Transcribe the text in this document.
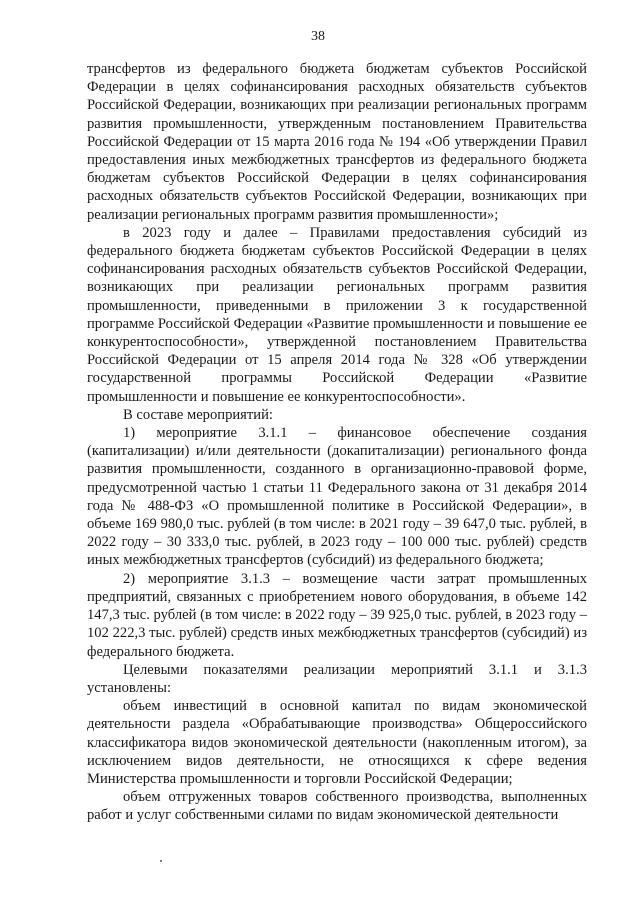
38

трансфертов из федерального бюджета бюджетам субъектов Российской Федерации в целях софинансирования расходных обязательств субъектов Российской Федерации, возникающих при реализации региональных программ развития промышленности, утвержденным постановлением Правительства Российской Федерации от 15 марта 2016 года № 194 «Об утверждении Правил предоставления иных межбюджетных трансфертов из федерального бюджета бюджетам субъектов Российской Федерации в целях софинансирования расходных обязательств субъектов Российской Федерации, возникающих при реализации региональных программ развития промышленности»;

в 2023 году и далее – Правилами предоставления субсидий из федерального бюджета бюджетам субъектов Российской Федерации в целях софинансирования расходных обязательств субъектов Российской Федерации, возникающих при реализации региональных программ развития промышленности, приведенными в приложении 3 к государственной программе Российской Федерации «Развитие промышленности и повышение ее конкурентоспособности», утвержденной постановлением Правительства Российской Федерации от 15 апреля 2014 года № 328 «Об утверждении государственной программы Российской Федерации «Развитие промышленности и повышение ее конкурентоспособности».

В составе мероприятий:

1) мероприятие 3.1.1 – финансовое обеспечение создания (капитализации) и/или деятельности (докапитализации) регионального фонда развития промышленности, созданного в организационно-правовой форме, предусмотренной частью 1 статьи 11 Федерального закона от 31 декабря 2014 года № 488-ФЗ «О промышленной политике в Российской Федерации», в объеме 169 980,0 тыс. рублей (в том числе: в 2021 году – 39 647,0 тыс. рублей, в 2022 году – 30 333,0 тыс. рублей, в 2023 году – 100 000 тыс. рублей) средств иных межбюджетных трансфертов (субсидий) из федерального бюджета;

2) мероприятие 3.1.3 – возмещение части затрат промышленных предприятий, связанных с приобретением нового оборудования, в объеме 142 147,3 тыс. рублей (в том числе: в 2022 году – 39 925,0 тыс. рублей, в 2023 году – 102 222,3 тыс. рублей) средств иных межбюджетных трансфертов (субсидий) из федерального бюджета.

Целевыми показателями реализации мероприятий 3.1.1 и 3.1.3 установлены:

объем инвестиций в основной капитал по видам экономической деятельности раздела «Обрабатывающие производства» Общероссийского классификатора видов экономической деятельности (накопленным итогом), за исключением видов деятельности, не относящихся к сфере ведения Министерства промышленности и торговли Российской Федерации;

объем отгруженных товаров собственного производства, выполненных работ и услуг собственными силами по видам экономической деятельности
